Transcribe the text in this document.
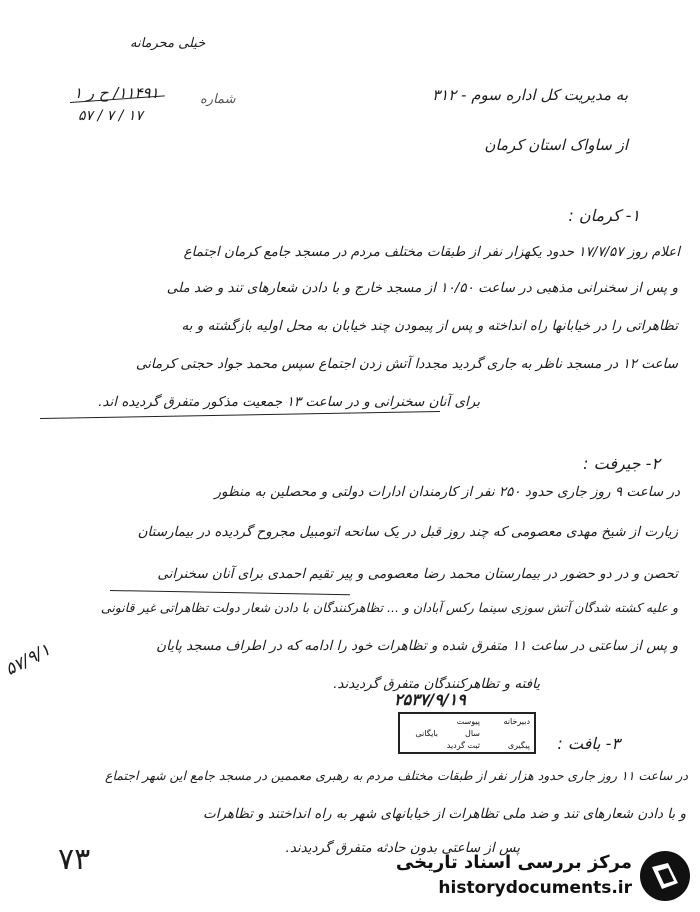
خیلی محرمانه
۱۱۴۹۱/ ح ر ۱
۱۷ / ۷ / ۵۷
شماره	به مدیریت کل اداره سوم - ۳۱۲
از ساواک استان کرمان
۱- کرمان :
اعلام روز ۱۷/۷/۵۷ حدود یکهزار نفر از طبقات مختلف مردم در مسجد جامع کرمان اجتماع
و پس از سخنرانی مذهبی در ساعت ۱۰/۵۰ از مسجد خارج و با دادن شعارهای تند و ضد ملی
تظاهراتی را در خیابانها راه انداخته و پس از پیمودن چند خیابان به محل اولیه بازگشته و به
ساعت ۱۲ در مسجد ناظر به جاری گردید مجددا آتش زدن اجتماع سپس محمد جواد حجتی کرمانی
برای آنان سخنرانی و در ساعت ۱۳ جمعیت مذکور متفرق گردیده اند.
۲- جیرفت :
در ساعت ۹ روز جاری حدود ۲۵۰ نفر از کارمندان ادارات دولتی و محصلین به منظور
زیارت از شیخ مهدی معصومی که چند روز قبل در یک سانحه اتومبیل مجروح گردیده در بیمارستان
تحصن و در دو حضور در بیمارستان محمد رضا معصومی و پیر تقیم احمدی برای آنان سخنرانی
و علیه کشته شدگان آتش سوزی سینما رکس آبادان و ... تظاهرکنندگان با دادن شعار دولت تظاهراتی غیر قانونی
و پس از ساعتی در ساعت ۱۱ متفرق شده و تظاهرات خود را ادامه که در اطراف مسجد پایان
یافته و تظاهرکنندگان متفرق گردیدند.
۵۷/۹/۱
۲۵۳۷/۹/۱۹
دبیرخانه
پیوست
سال
پیگیری
بایگانی
ثبت گردید	۳- بافت :
در ساعت ۱۱ روز جاری حدود هزار نفر از طبقات مختلف مردم به رهبری معممین در مسجد جامع این شهر اجتماع
و با دادن شعارهای تند و ضد ملی تظاهرات از خیابانهای شهر به راه انداختند و تظاهرات
پس از ساعتی بدون حادثه متفرق گردیدند.
۷۳	مرکز بررسی اسناد تاریخی
historydocuments.ir
